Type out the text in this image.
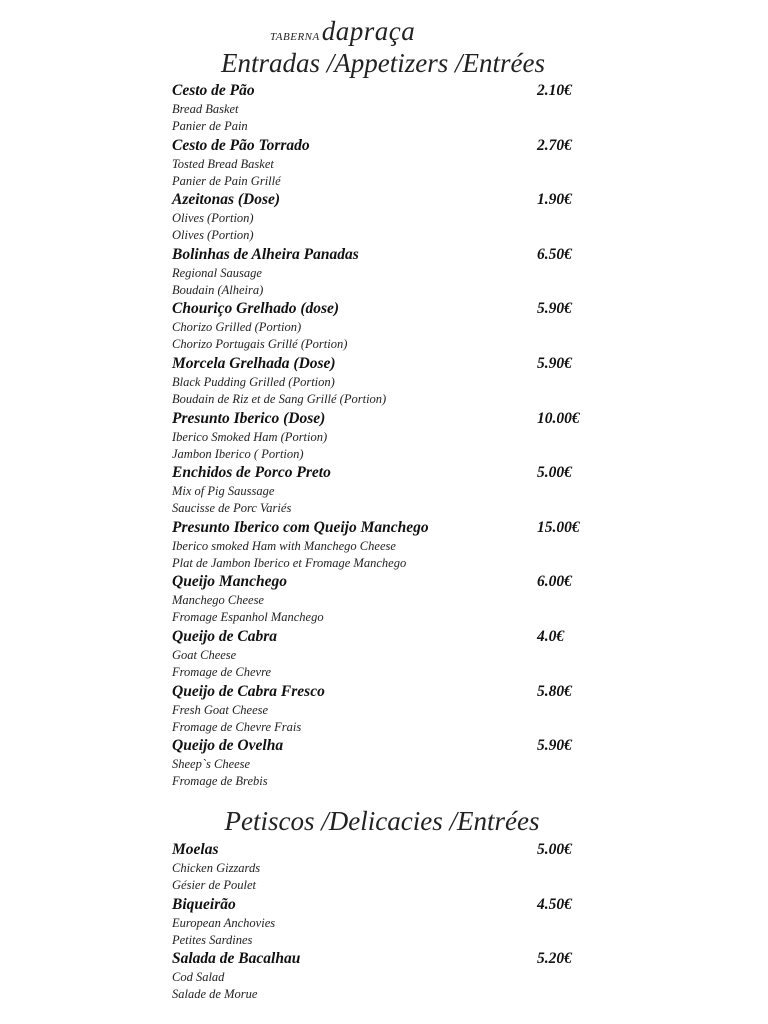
TABERNAdapraça
Entradas /Appetizers /Entrées
Cesto de Pão	2.10€
Bread Basket
Panier de Pain
Cesto de Pão Torrado	2.70€
Tosted Bread Basket
Panier de Pain Grillé
Azeitonas (Dose)	1.90€
Olives (Portion)
Olives (Portion)
Bolinhas de Alheira Panadas	6.50€
Regional Sausage
Boudain (Alheira)
Chouriço Grelhado (dose)	5.90€
Chorizo Grilled (Portion)
Chorizo Portugais Grillé (Portion)
Morcela Grelhada (Dose)	5.90€
Black Pudding Grilled (Portion)
Boudain de Riz et de Sang Grillé (Portion)
Presunto Iberico (Dose)	10.00€
Iberico Smoked Ham (Portion)
Jambon Iberico ( Portion)
Enchidos de Porco Preto	5.00€
Mix of Pig Saussage
Saucisse de Porc Variés
Presunto Iberico com Queijo Manchego	15.00€
Iberico smoked Ham with Manchego Cheese
Plat de Jambon Iberico et Fromage Manchego
Queijo Manchego	6.00€
Manchego Cheese
Fromage Espanhol Manchego
Queijo de Cabra	4.0€
Goat Cheese
Fromage de Chevre
Queijo de Cabra Fresco	5.80€
Fresh Goat Cheese
Fromage de Chevre Frais
Queijo de Ovelha	5.90€
Sheep`s Cheese
Fromage de Brebis
Petiscos /Delicacies /Entrées
Moelas	5.00€
Chicken Gizzards
Gésier de Poulet
Biqueirão	4.50€
European Anchovies
Petites Sardines
Salada de Bacalhau	5.20€
Cod Salad
Salade de Morue
